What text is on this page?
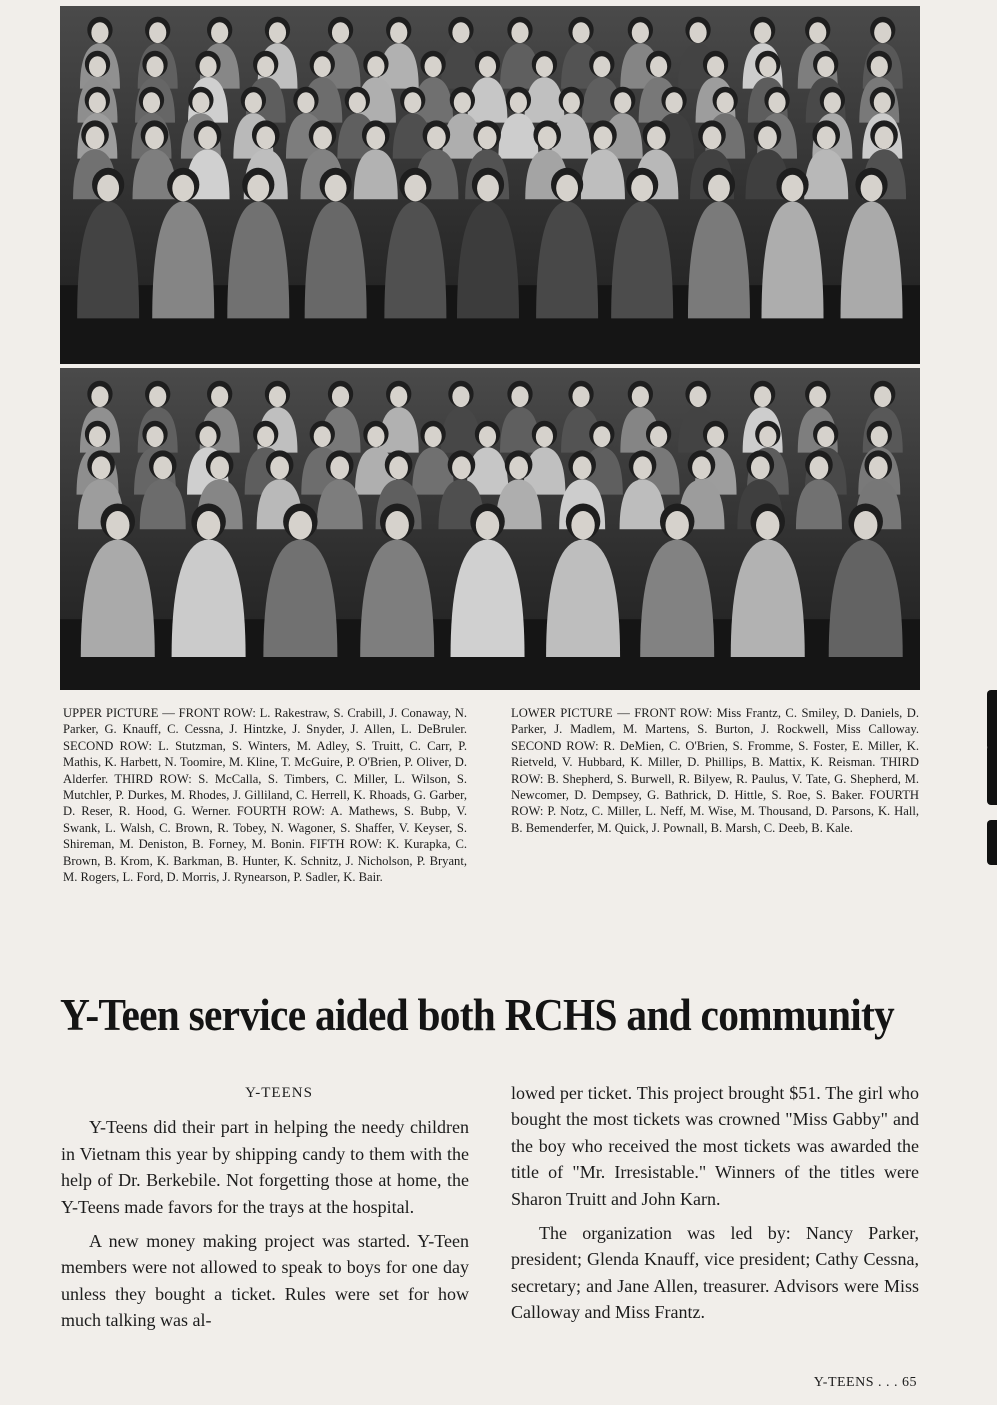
UPPER PICTURE — FRONT ROW: L. Rakestraw, S. Crabill, J. Conaway, N. Parker, G. Knauff, C. Cessna, J. Hintzke, J. Snyder, J. Allen, L. DeBruler. SECOND ROW: L. Stutzman, S. Winters, M. Adley, S. Truitt, C. Carr, P. Mathis, K. Harbett, N. Toomire, M. Kline, T. McGuire, P. O'Brien, P. Oliver, D. Alderfer. THIRD ROW: S. McCalla, S. Timbers, C. Miller, L. Wilson, S. Mutchler, P. Durkes, M. Rhodes, J. Gilliland, C. Herrell, K. Rhoads, G. Garber, D. Reser, R. Hood, G. Werner. FOURTH ROW: A. Mathews, S. Bubp, V. Swank, L. Walsh, C. Brown, R. Tobey, N. Wagoner, S. Shaffer, V. Keyser, S. Shireman, M. Deniston, B. Forney, M. Bonin. FIFTH ROW: K. Kurapka, C. Brown, B. Krom, K. Barkman, B. Hunter, K. Schnitz, J. Nicholson, P. Bryant, M. Rogers, L. Ford, D. Morris, J. Rynearson, P. Sadler, K. Bair.

LOWER PICTURE — FRONT ROW: Miss Frantz, C. Smiley, D. Daniels, D. Parker, J. Madlem, M. Martens, S. Burton, J. Rockwell, Miss Calloway. SECOND ROW: R. DeMien, C. O'Brien, S. Fromme, S. Foster, E. Miller, K. Rietveld, V. Hubbard, K. Miller, D. Phillips, B. Mattix, K. Reisman. THIRD ROW: B. Shepherd, S. Burwell, R. Bilyew, R. Paulus, V. Tate, G. Shepherd, M. Newcomer, D. Dempsey, G. Bathrick, D. Hittle, S. Roe, S. Baker. FOURTH ROW: P. Notz, C. Miller, L. Neff, M. Wise, M. Thousand, D. Parsons, K. Hall, B. Bemenderfer, M. Quick, J. Pownall, B. Marsh, C. Deeb, B. Kale.

Y-Teen service aided both RCHS and community

Y-TEENS

Y-Teens did their part in helping the needy children in Vietnam this year by shipping candy to them with the help of Dr. Berkebile. Not forgetting those at home, the Y-Teens made favors for the trays at the hospital.

A new money making project was started. Y-Teen members were not allowed to speak to boys for one day unless they bought a ticket. Rules were set for how much talking was al-

lowed per ticket. This project brought $51. The girl who bought the most tickets was crowned "Miss Gabby" and the boy who received the most tickets was awarded the title of "Mr. Irresistable." Winners of the titles were Sharon Truitt and John Karn.

The organization was led by: Nancy Parker, president; Glenda Knauff, vice president; Cathy Cessna, secretary; and Jane Allen, treasurer. Advisors were Miss Calloway and Miss Frantz.

Y-TEENS . . . 65
